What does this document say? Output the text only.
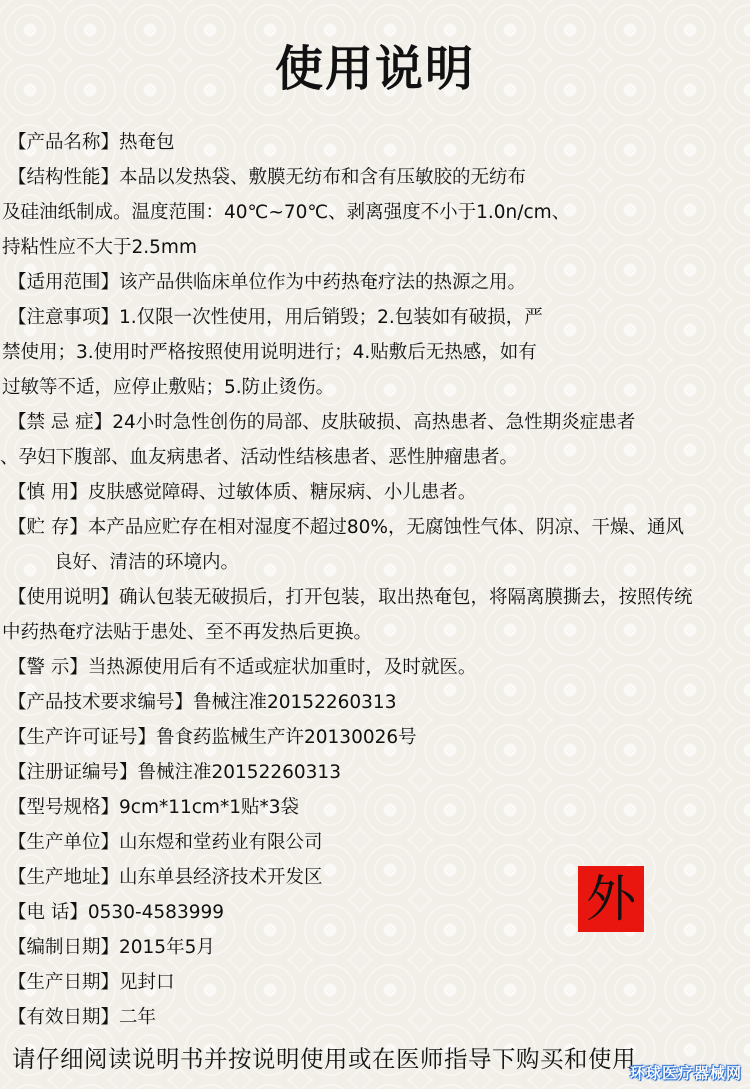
使用说明
【产品名称】热奄包
【结构性能】本品以发热袋、敷膜无纺布和含有压敏胶的无纺布
及硅油纸制成。温度范围：40℃~70℃、剥离强度不小于1.0n/cm、
持粘性应不大于2.5mm
【适用范围】该产品供临床单位作为中药热奄疗法的热源之用。
【注意事项】1.仅限一次性使用，用后销毁；2.包装如有破损，严
禁使用；3.使用时严格按照使用说明进行；4.贴敷后无热感，如有
过敏等不适，应停止敷贴；5.防止烫伤。
【禁 忌 症】24小时急性创伤的局部、皮肤破损、高热患者、急性期炎症患者
、孕妇下腹部、血友病患者、活动性结核患者、恶性肿瘤患者。
【慎 用】皮肤感觉障碍、过敏体质、糖尿病、小儿患者。
【贮 存】本产品应贮存在相对湿度不超过80%，无腐蚀性气体、阴凉、干燥、通风
良好、清洁的环境内。
【使用说明】确认包装无破损后，打开包装，取出热奄包，将隔离膜撕去，按照传统
中药热奄疗法贴于患处、至不再发热后更换。
【警 示】当热源使用后有不适或症状加重时，及时就医。
【产品技术要求编号】鲁械注准20152260313
【生产许可证号】鲁食药监械生产许20130026号
【注册证编号】鲁械注准20152260313
【型号规格】9cm*11cm*1贴*3袋
【生产单位】山东煜和堂药业有限公司
【生产地址】山东单县经济技术开发区
【电 话】0530-4583999
【编制日期】2015年5月
【生产日期】见封口
【有效日期】二年
外
请仔细阅读说明书并按说明使用或在医师指导下购买和使用
环球医疗器械网
